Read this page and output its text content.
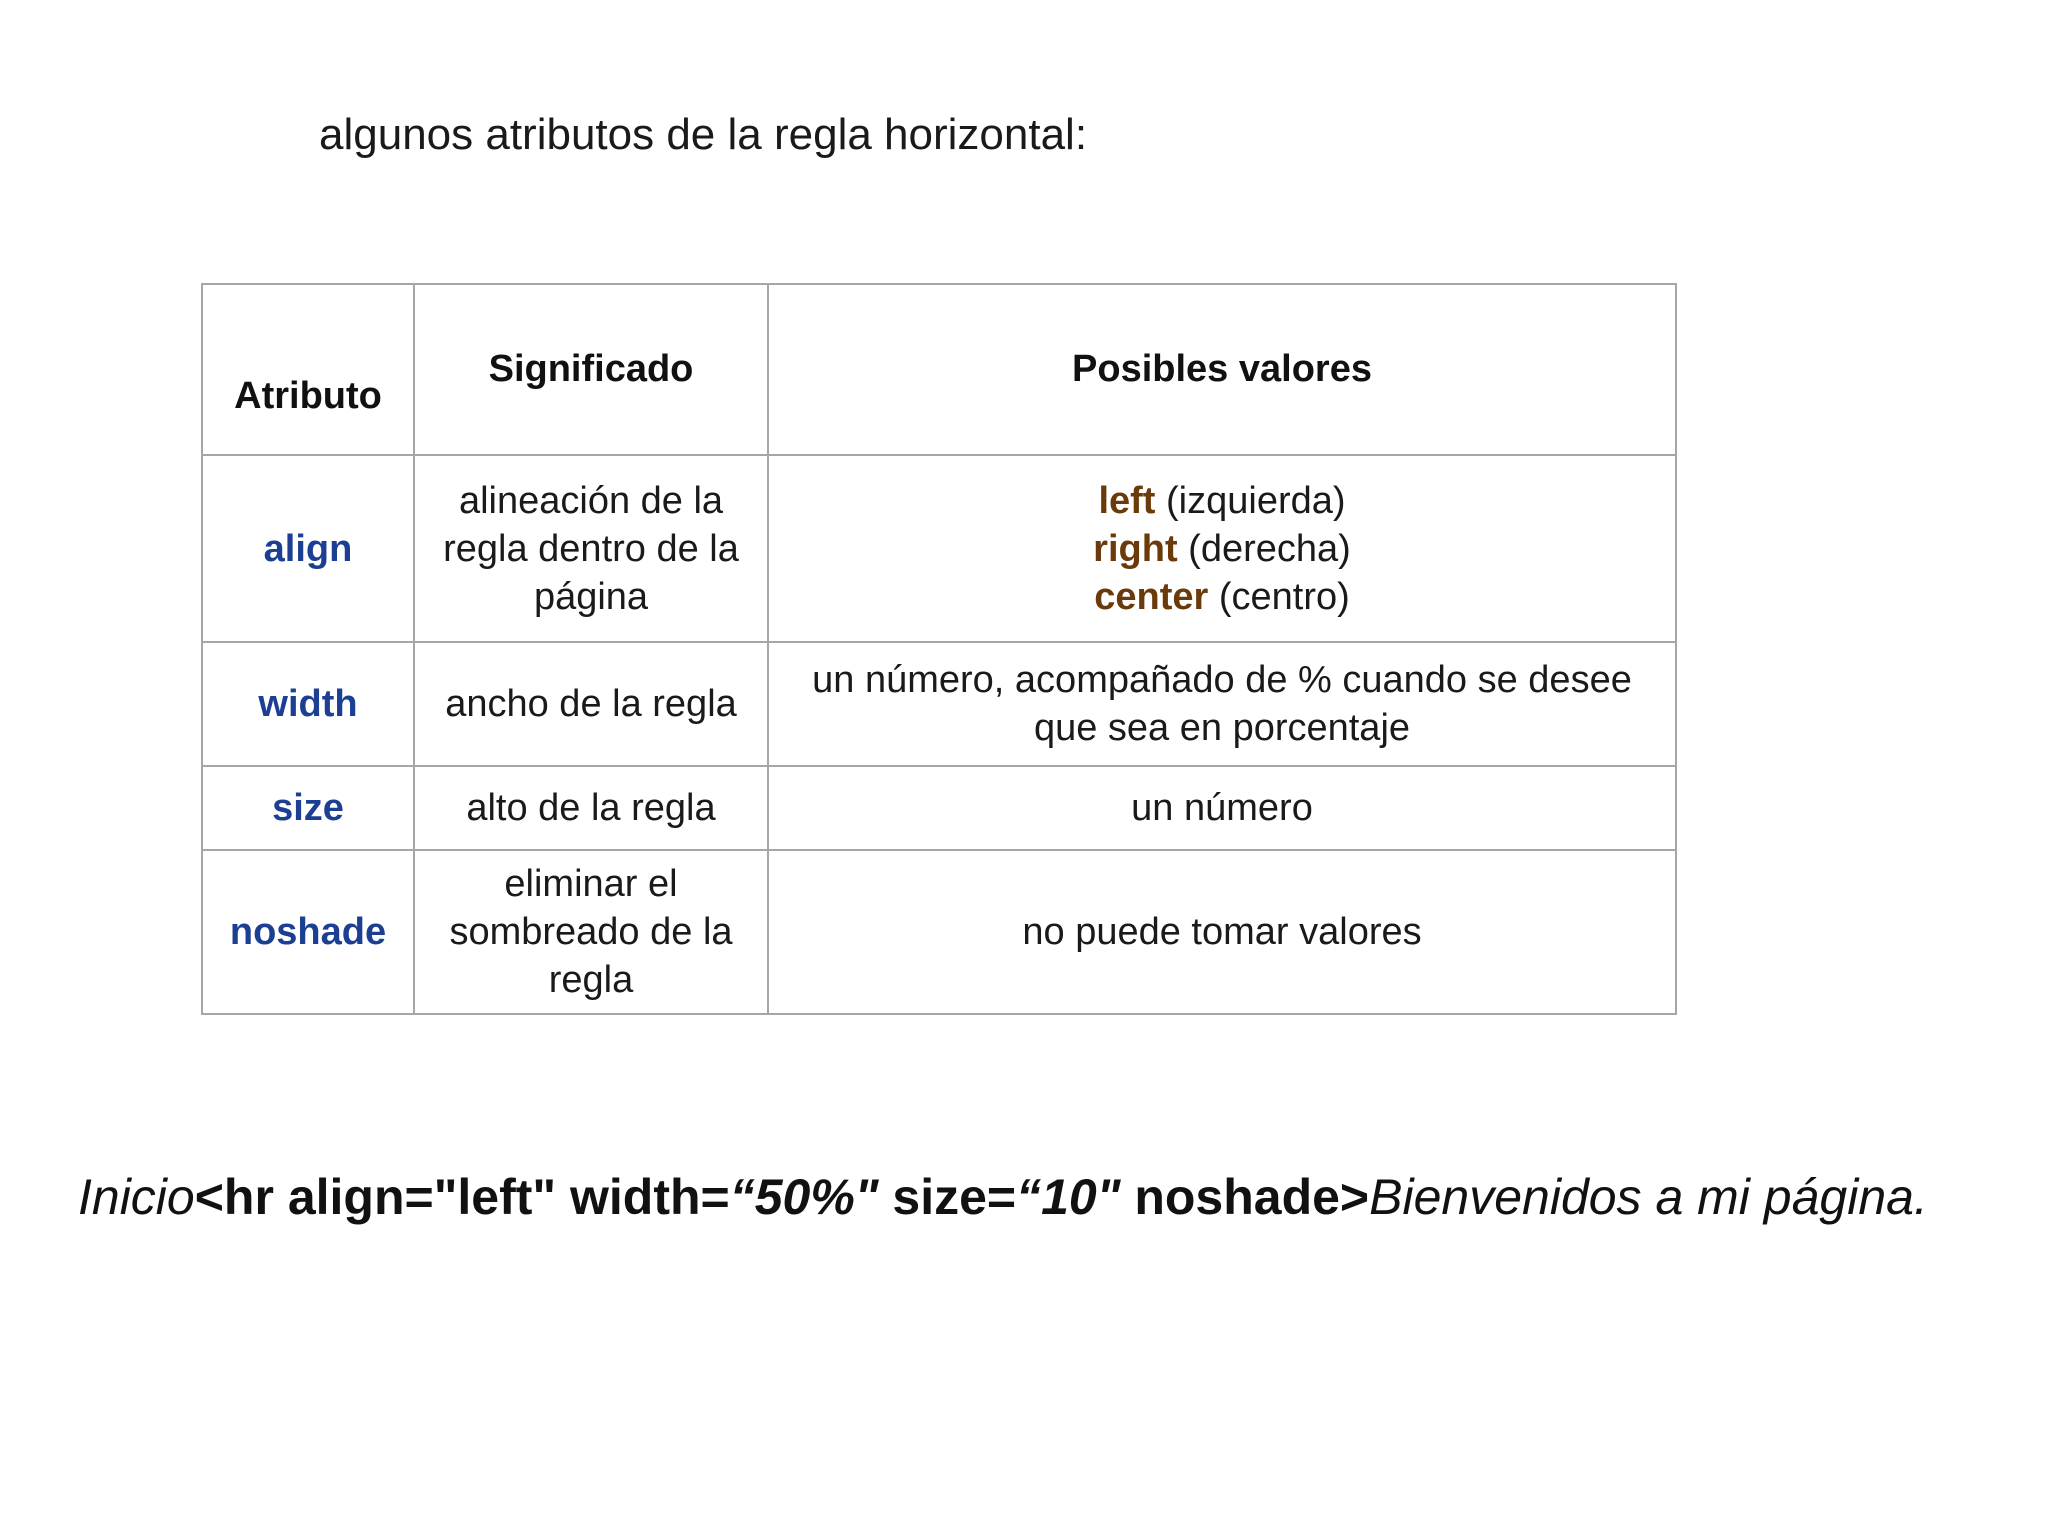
algunos atributos de la regla horizontal:
Atributo	Significado	Posibles valores
align	alineación de la regla dentro de la página	left (izquierda)
right (derecha)
center (centro)

width	ancho de la regla	un número, acompañado de % cuando se desee que sea en porcentaje
size	alto de la regla	un número
noshade	eliminar el sombreado de la regla	no puede tomar valores
Inicio<hr align="left" width=“50%" size=“10" noshade>Bienvenidos a mi página.
